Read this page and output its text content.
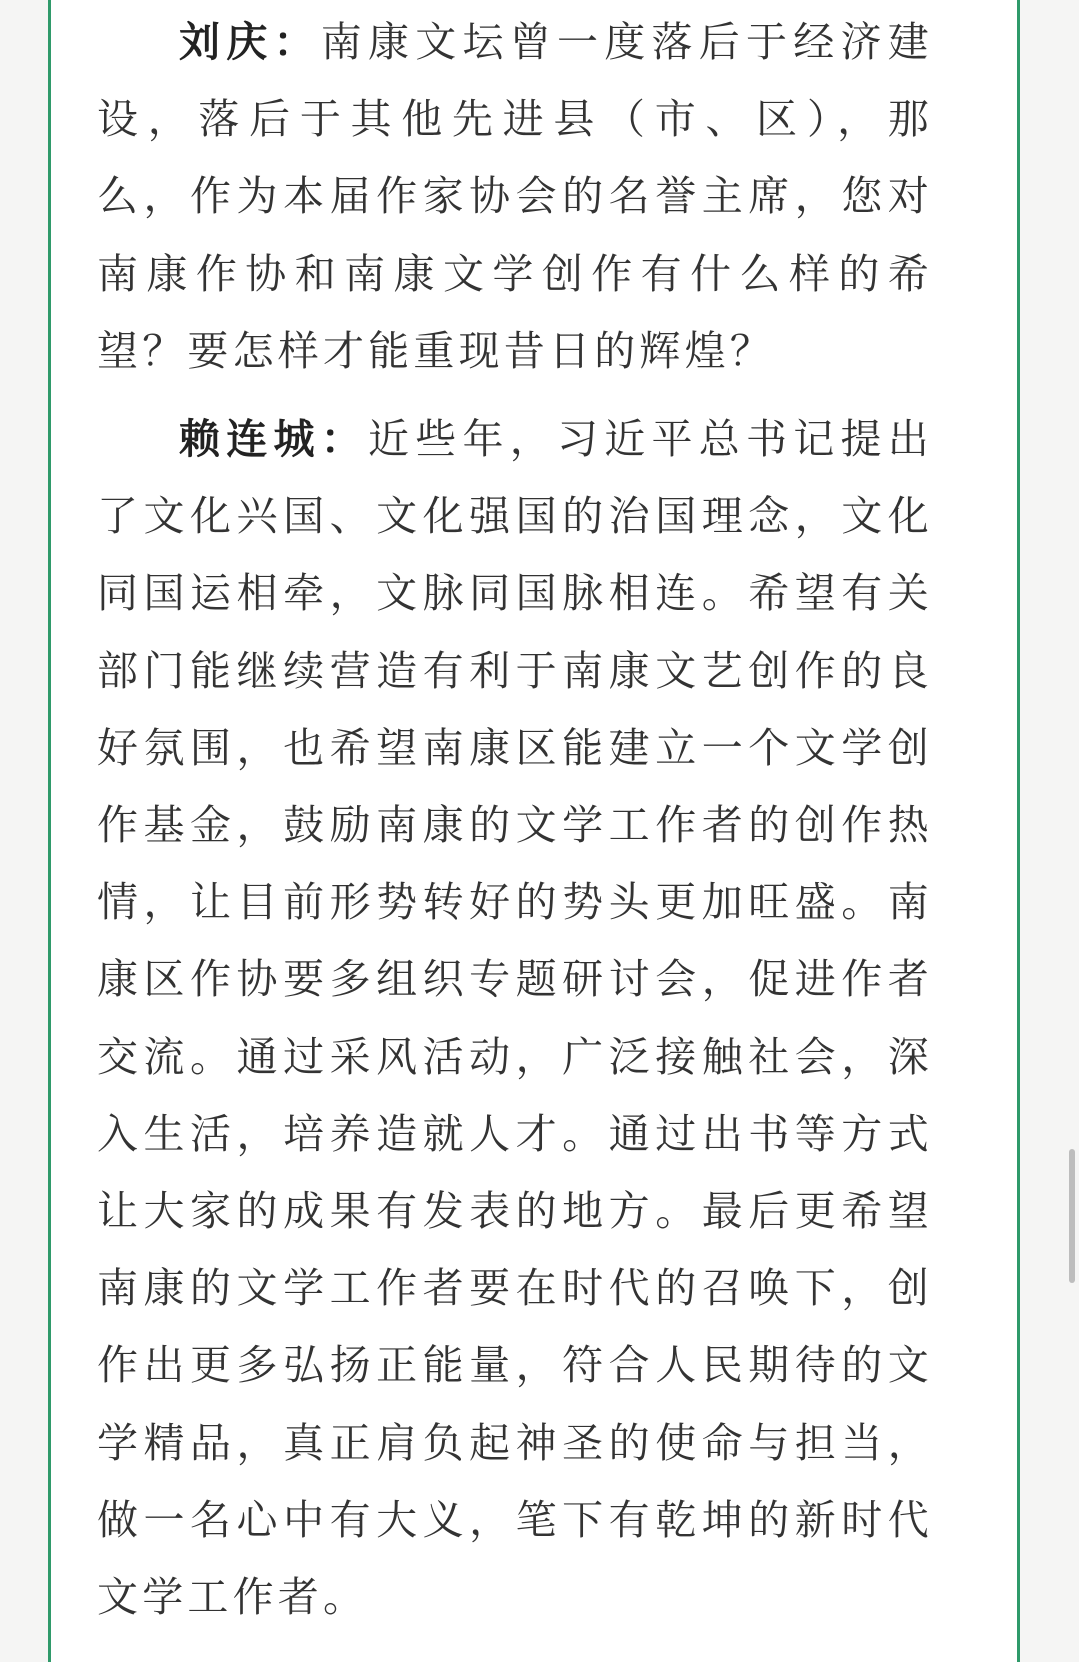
刘庆：南康文坛曾一度落后于经济建设，落后于其他先进县（市、区），那么，作为本届作家协会的名誉主席，您对南康作协和南康文学创作有什么样的希望？要怎样才能重现昔日的辉煌？

赖连城：近些年，习近平总书记提出了文化兴国、文化强国的治国理念，文化同国运相牵，文脉同国脉相连。希望有关部门能继续营造有利于南康文艺创作的良好氛围，也希望南康区能建立一个文学创作基金，鼓励南康的文学工作者的创作热情，让目前形势转好的势头更加旺盛。南康区作协要多组织专题研讨会，促进作者交流。通过采风活动，广泛接触社会，深入生活，培养造就人才。通过出书等方式让大家的成果有发表的地方。最后更希望南康的文学工作者要在时代的召唤下，创作出更多弘扬正能量，符合人民期待的文学精品，真正肩负起神圣的使命与担当，做一名心中有大义，笔下有乾坤的新时代文学工作者。
